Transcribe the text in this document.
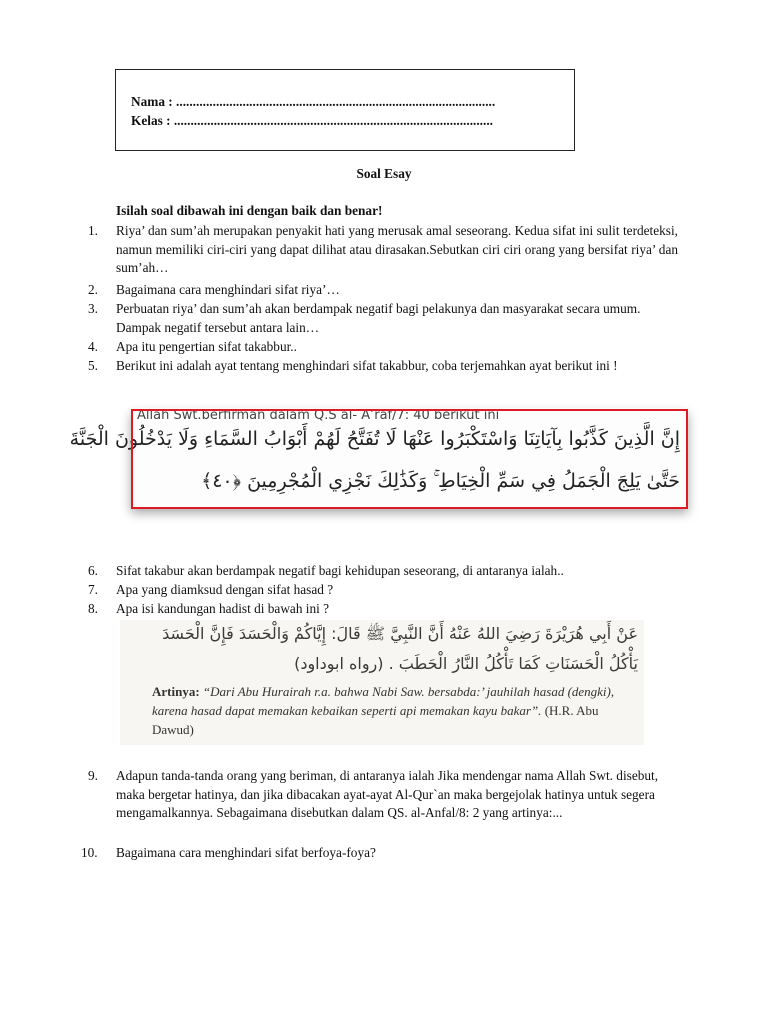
Nama : ................................................................................................
Kelas : ................................................................................................
Soal Esay
Isilah soal dibawah ini dengan baik dan benar!
1. Riya’ dan sum’ah merupakan penyakit hati yang merusak amal seseorang. Kedua sifat ini sulit terdeteksi, namun memiliki ciri-ciri yang dapat dilihat atau dirasakan.Sebutkan ciri ciri orang yang bersifat riya’ dan sum’ah…
2. Bagaimana cara menghindari sifat riya’…
3. Perbuatan riya’ dan sum’ah akan berdampak negatif bagi pelakunya dan masyarakat secara umum. Dampak negatif tersebut antara lain…
4. Apa itu pengertian sifat takabbur..
5. Berikut ini adalah ayat tentang menghindari sifat takabbur, coba terjemahkan ayat berikut ini !
إِنَّ الَّذِينَ كَذَّبُوا بِآيَاتِنَا وَاسْتَكْبَرُوا عَنْهَا لَا تُفَتَّحُ لَهُمْ أَبْوَابُ السَّمَاءِ وَلَا يَدْخُلُونَ الْجَنَّةَ
حَتَّىٰ يَلِجَ الْجَمَلُ فِي سَمِّ الْخِيَاطِ ۚ وَكَذَٰلِكَ نَجْزِي الْمُجْرِمِينَ ﴿٤٠﴾
Allah Swt.berfirman dalam Q.S al- A’raf/7: 40 berikut ini
6. Sifat takabur akan berdampak negatif bagi kehidupan seseorang, di antaranya ialah..
7. Apa yang diamksud dengan sifat hasad ?
8. Apa isi kandungan hadist di bawah ini ?
عَنْ أَبِي هُرَيْرَةَ رَضِيَ اللهُ عَنْهُ أَنَّ النَّبِيَّ ﷺ قَالَ: إِيَّاكُمْ وَالْحَسَدَ فَإِنَّ الْحَسَدَ
يَأْكُلُ الْحَسَنَاتِ كَمَا تَأْكُلُ النَّارُ الْحَطَبَ . (رواه ابوداود)
Artinya: “Dari Abu Hurairah r.a. bahwa Nabi Saw. bersabda:’ jauhilah hasad (dengki), karena hasad dapat memakan kebaikan seperti api memakan kayu bakar”. (H.R. Abu Dawud)
9. Adapun tanda-tanda orang yang beriman, di antaranya ialah Jika mendengar nama Allah Swt. disebut, maka bergetar hatinya, dan jika dibacakan ayat-ayat Al-Qur`an maka bergejolak hatinya untuk segera mengamalkannya. Sebagaimana disebutkan dalam QS. al-Anfal/8: 2 yang artinya:...
10. Bagaimana cara menghindari sifat berfoya-foya?
